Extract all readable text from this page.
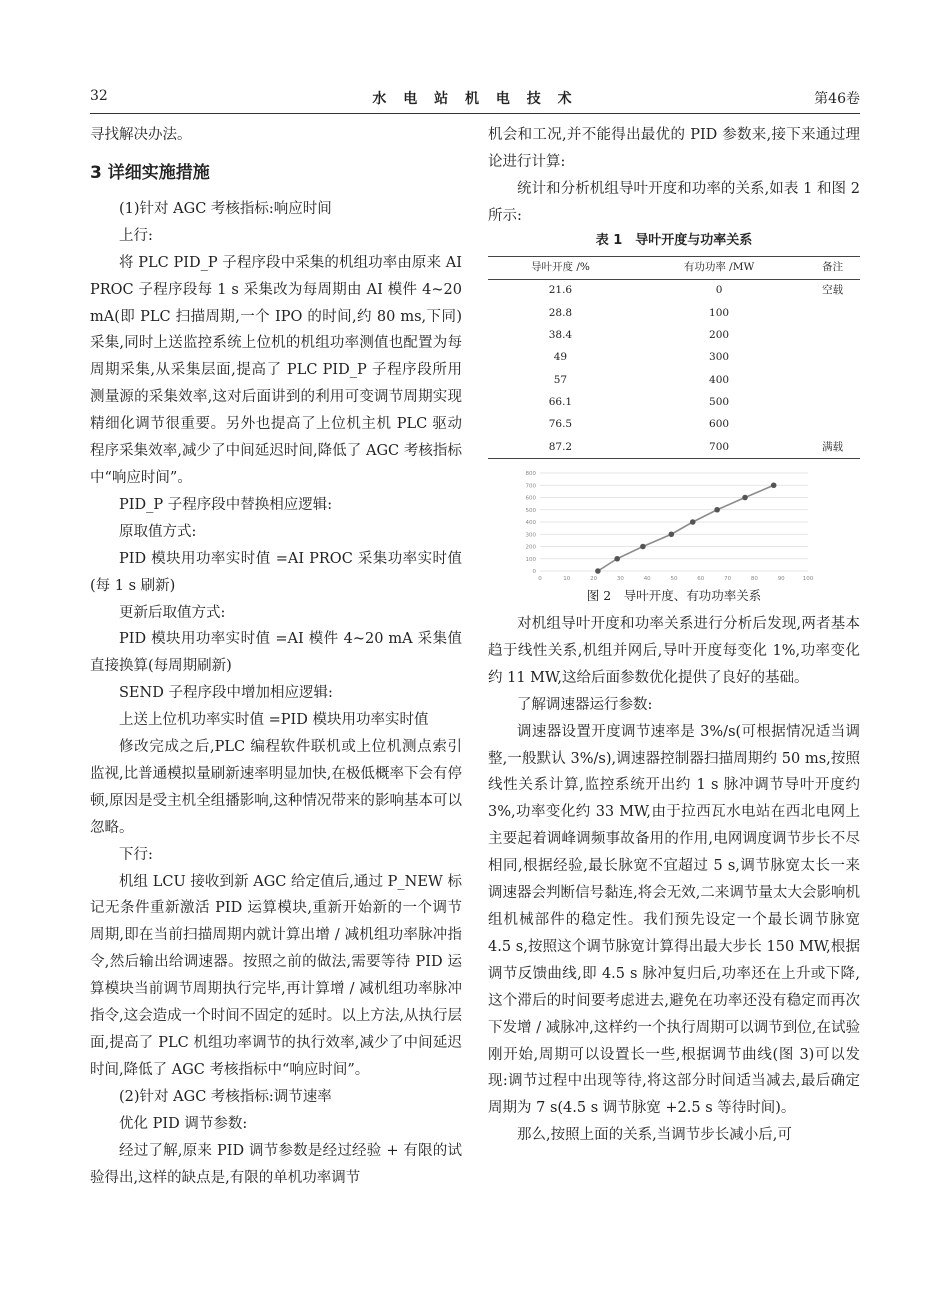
32	水 电 站 机 电 技 术	第46卷

寻找解决办法。

3 详细实施措施

(1)针对 AGC 考核指标:响应时间

上行:

将 PLC PID_P 子程序段中采集的机组功率由原来 AI PROC 子程序段每 1 s 采集改为每周期由 AI 模件 4~20 mA(即 PLC 扫描周期,一个 IPO 的时间,约 80 ms,下同)采集,同时上送监控系统上位机的机组功率测值也配置为每周期采集,从采集层面,提高了 PLC PID_P 子程序段所用测量源的采集效率,这对后面讲到的利用可变调节周期实现精细化调节很重要。另外也提高了上位机主机 PLC 驱动程序采集效率,减少了中间延迟时间,降低了 AGC 考核指标中“响应时间”。

PID_P 子程序段中替换相应逻辑:

原取值方式:

PID 模块用功率实时值 =AI PROC 采集功率实时值(每 1 s 刷新)

更新后取值方式:

PID 模块用功率实时值 =AI 模件 4~20 mA 采集值直接换算(每周期刷新)

SEND 子程序段中增加相应逻辑:

上送上位机功率实时值 =PID 模块用功率实时值

修改完成之后,PLC 编程软件联机或上位机测点索引监视,比普通模拟量刷新速率明显加快,在极低概率下会有停顿,原因是受主机全组播影响,这种情况带来的影响基本可以忽略。

下行:

机组 LCU 接收到新 AGC 给定值后,通过 P_NEW 标记无条件重新激活 PID 运算模块,重新开始新的一个调节周期,即在当前扫描周期内就计算出增 / 减机组功率脉冲指令,然后输出给调速器。按照之前的做法,需要等待 PID 运算模块当前调节周期执行完毕,再计算增 / 减机组功率脉冲指令,这会造成一个时间不固定的延时。以上方法,从执行层面,提高了 PLC 机组功率调节的执行效率,减少了中间延迟时间,降低了 AGC 考核指标中“响应时间”。

(2)针对 AGC 考核指标:调节速率

优化 PID 调节参数:

经过了解,原来 PID 调节参数是经过经验 + 有限的试验得出,这样的缺点是,有限的单机功率调节

机会和工况,并不能得出最优的 PID 参数来,接下来通过理论进行计算:

统计和分析机组导叶开度和功率的关系,如表 1 和图 2 所示:

表 1　导叶开度与功率关系
导叶开度 /%	有功功率 /MW	备注
21.6	0	空载
28.8	100	
38.4	200	
49	300	
57	400	
66.1	500	
76.5	600	
87.2	700	满载
0
100
200
300
400
500
600
700
800
0	10	20	30	40	50	60	70	80	90	100
图 2　导叶开度、有功功率关系

对机组导叶开度和功率关系进行分析后发现,两者基本趋于线性关系,机组并网后,导叶开度每变化 1%,功率变化约 11 MW,这给后面参数优化提供了良好的基础。

了解调速器运行参数:

调速器设置开度调节速率是 3%/s(可根据情况适当调整,一般默认 3%/s),调速器控制器扫描周期约 50 ms,按照线性关系计算,监控系统开出约 1 s 脉冲调节导叶开度约 3%,功率变化约 33 MW,由于拉西瓦水电站在西北电网上主要起着调峰调频事故备用的作用,电网调度调节步长不尽相同,根据经验,最长脉宽不宜超过 5 s,调节脉宽太长一来调速器会判断信号黏连,将会无效,二来调节量太大会影响机组机械部件的稳定性。我们预先设定一个最长调节脉宽 4.5 s,按照这个调节脉宽计算得出最大步长 150 MW,根据调节反馈曲线,即 4.5 s 脉冲复归后,功率还在上升或下降,这个滞后的时间要考虑进去,避免在功率还没有稳定而再次下发增 / 减脉冲,这样约一个执行周期可以调节到位,在试验刚开始,周期可以设置长一些,根据调节曲线(图 3)可以发现:调节过程中出现等待,将这部分时间适当减去,最后确定周期为 7 s(4.5 s 调节脉宽 +2.5 s 等待时间)。

那么,按照上面的关系,当调节步长减小后,可
